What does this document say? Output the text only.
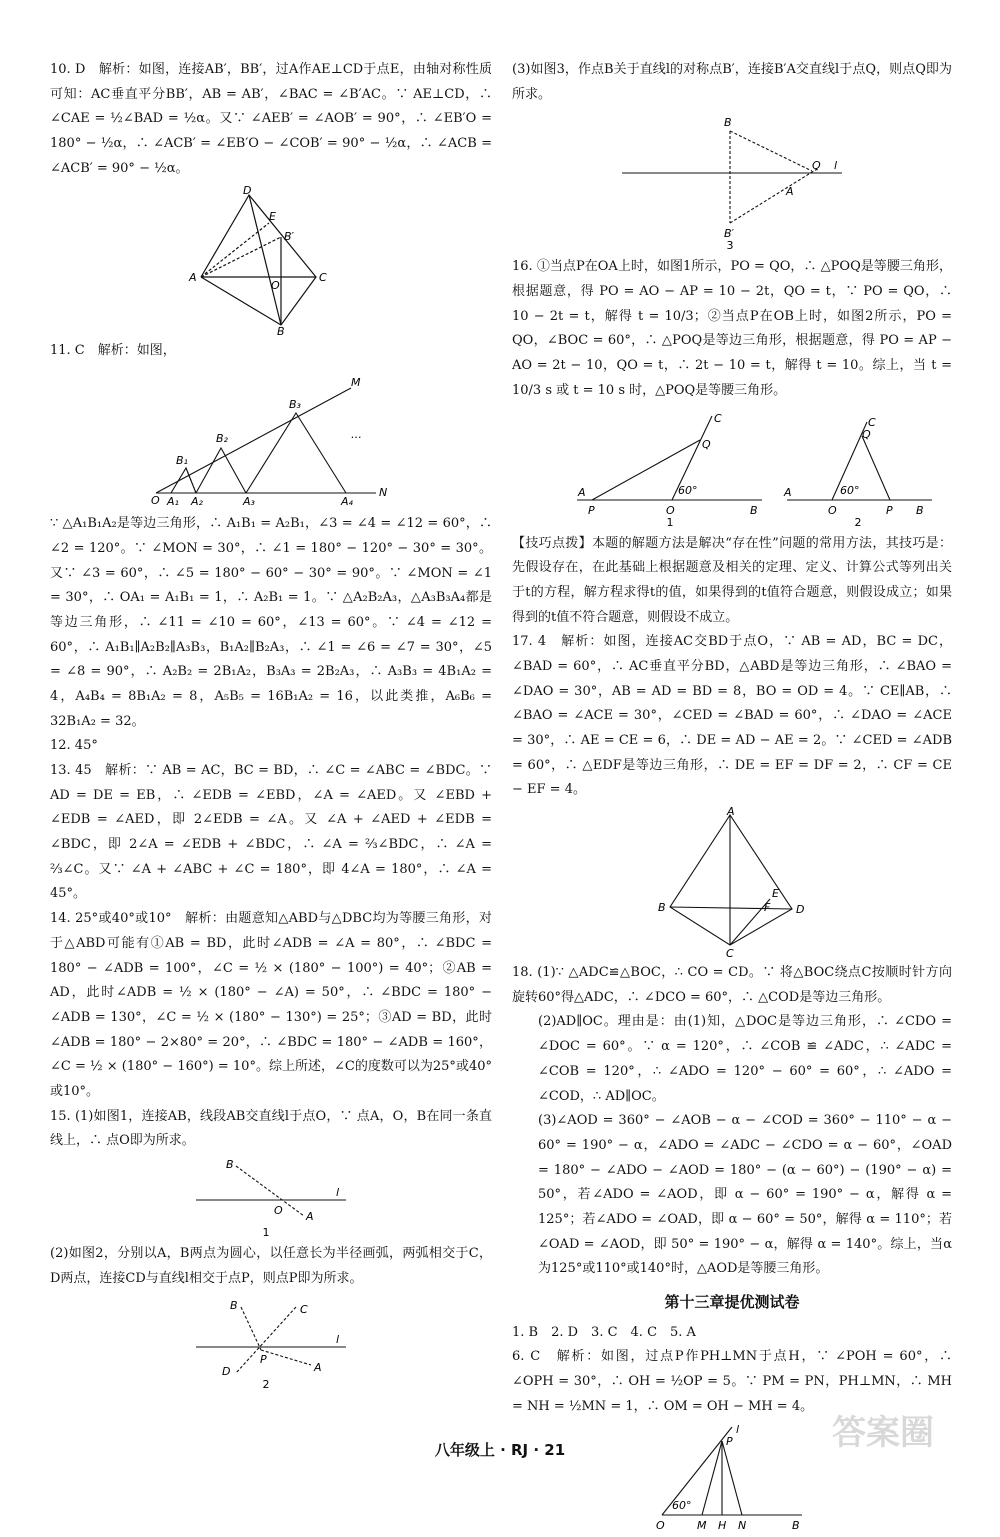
10. D　解析：如图，连接AB′，BB′，过A作AE⊥CD于点E，由轴对称性质可知：AC垂直平分BB′，AB = AB′，∠BAC = ∠B′AC。∵ AE⊥CD，∴ ∠CAE = ½∠BAD = ½α。又∵ ∠AEB′ = ∠AOB′ = 90°，∴ ∠EB′O = 180° − ½α，∴ ∠ACB′ = ∠EB′O − ∠COB′ = 90° − ½α，∴ ∠ACB = ∠ACB′ = 90° − ½α。

D
E
B′
A
O
C
B

11. C　解析：如图，

M
B₃
B₂
B₁
O A₁ A₂	A₃	A₄
N
…

∵ △A₁B₁A₂是等边三角形，∴ A₁B₁ = A₂B₁，∠3 = ∠4 = ∠12 = 60°，∴ ∠2 = 120°。∵ ∠MON = 30°，∴ ∠1 = 180° − 120° − 30° = 30°。又∵ ∠3 = 60°，∴ ∠5 = 180° − 60° − 30° = 90°。∵ ∠MON = ∠1 = 30°，∴ OA₁ = A₁B₁ = 1，∴ A₂B₁ = 1。∵ △A₂B₂A₃，△A₃B₃A₄都是等边三角形，∴ ∠11 = ∠10 = 60°，∠13 = 60°。∵ ∠4 = ∠12 = 60°，∴ A₁B₁∥A₂B₂∥A₃B₃，B₁A₂∥B₂A₃，∴ ∠1 = ∠6 = ∠7 = 30°，∠5 = ∠8 = 90°，∴ A₂B₂ = 2B₁A₂，B₃A₃ = 2B₂A₃，∴ A₃B₃ = 4B₁A₂ = 4，A₄B₄ = 8B₁A₂ = 8，A₅B₅ = 16B₁A₂ = 16，以此类推，A₆B₆ = 32B₁A₂ = 32。

12. 45°

13. 45　解析：∵ AB = AC，BC = BD，∴ ∠C = ∠ABC = ∠BDC。∵ AD = DE = EB，∴ ∠EDB = ∠EBD，∠A = ∠AED。又 ∠EBD + ∠EDB = ∠AED，即 2∠EDB = ∠A。又 ∠A + ∠AED + ∠EDB = ∠BDC，即 2∠A = ∠EDB + ∠BDC，∴ ∠A = ⅔∠BDC，∴ ∠A = ⅔∠C。又∵ ∠A + ∠ABC + ∠C = 180°，即 4∠A = 180°，∴ ∠A = 45°。

14. 25°或40°或10°　解析：由题意知△ABD与△DBC均为等腰三角形，对于△ABD可能有①AB = BD，此时∠ADB = ∠A = 80°，∴ ∠BDC = 180° − ∠ADB = 100°，∠C = ½ × (180° − 100°) = 40°；②AB = AD，此时∠ADB = ½ × (180° − ∠A) = 50°，∴ ∠BDC = 180° − ∠ADB = 130°，∠C = ½ × (180° − 130°) = 25°；③AD = BD，此时∠ADB = 180° − 2×80° = 20°，∴ ∠BDC = 180° − ∠ADB = 160°，∠C = ½ × (180° − 160°) = 10°。综上所述，∠C的度数可以为25°或40°或10°。

15. (1)如图1，连接AB，线段AB交直线l于点O，∵ 点A，O，B在同一条直线上，∴ 点O即为所求。

B
l
O A
1

(2)如图2，分别以A，B两点为圆心，以任意长为半径画弧，两弧相交于C，D两点，连接CD与直线l相交于点P，则点P即为所求。

B	C
l
D
P
A
2

(3)如图3，作点B关于直线l的对称点B′，连接B′A交直线l于点Q，则点Q即为所求。

B
Q l
A
B′
3

16. ①当点P在OA上时，如图1所示，PO = QO，∴ △POQ是等腰三角形，根据题意，得 PO = AO − AP = 10 − 2t，QO = t，∵ PO = QO，∴ 10 − 2t = t，解得 t = 10/3；②当点P在OB上时，如图2所示，PO = QO，∠BOC = 60°，∴ △POQ是等边三角形，根据题意，得 PO = AP − AO = 2t − 10，QO = t，∴ 2t − 10 = t，解得 t = 10。综上，当 t = 10/3 s 或 t = 10 s 时，△POQ是等腰三角形。

C
Q
60°
A
P	O	B
1
C
Q
60°
A
O	P B
2

【技巧点拨】本题的解题方法是解决“存在性”问题的常用方法，其技巧是：先假设存在，在此基础上根据题意及相关的定理、定义、计算公式等列出关于t的方程，解方程求得t的值，如果得到的t值符合题意，则假设成立；如果得到的t值不符合题意，则假设不成立。

17. 4　解析：如图，连接AC交BD于点O，∵ AB = AD，BC = DC，∠BAD = 60°，∴ AC垂直平分BD，△ABD是等边三角形，∴ ∠BAO = ∠DAO = 30°，AB = AD = BD = 8，BO = OD = 4。∵ CE∥AB，∴ ∠BAO = ∠ACE = 30°，∠CED = ∠BAD = 60°，∴ ∠DAO = ∠ACE = 30°，∴ AE = CE = 6，∴ DE = AD − AE = 2。∵ ∠CED = ∠ADB = 60°，∴ △EDF是等边三角形，∴ DE = EF = DF = 2，∴ CF = CE − EF = 4。

A
B
E
F D
C

18. (1)∵ △ADC≌△BOC，∴ CO = CD。∵ 将△BOC绕点C按顺时针方向旋转60°得△ADC，∴ ∠DCO = 60°，∴ △COD是等边三角形。

(2)AD∥OC。理由是：由(1)知，△DOC是等边三角形，∴ ∠CDO = ∠DOC = 60°。∵ α = 120°，∴ ∠COB ≌ ∠ADC，∴ ∠ADC = ∠COB = 120°，∴ ∠ADO = 120° − 60° = 60°，∴ ∠ADO = ∠COD，∴ AD∥OC。

(3)∠AOD = 360° − ∠AOB − α − ∠COD = 360° − 110° − α − 60° = 190° − α，∠ADO = ∠ADC − ∠CDO = α − 60°，∠OAD = 180° − ∠ADO − ∠AOD = 180° − (α − 60°) − (190° − α) = 50°，若∠ADO = ∠AOD，即 α − 60° = 190° − α，解得 α = 125°；若∠ADO = ∠OAD，即 α − 60° = 50°，解得 α = 110°；若∠OAD = ∠AOD，即 50° = 190° − α，解得 α = 140°。综上，当α为125°或110°或140°时，△AOD是等腰三角形。

第十三章提优测试卷

1. B　2. D　3. C　4. C　5. A

6. C　解析：如图，过点P作PH⊥MN于点H，∵ ∠POH = 60°，∴ ∠OPH = 30°，∴ OH = ½OP = 5。∵ PM = PN，PH⊥MN，∴ MH = NH = ½MN = 1，∴ OM = OH − MH = 4。

l
P
60°
O	M H N	B
八年级上 · RJ · 21	答案圈
